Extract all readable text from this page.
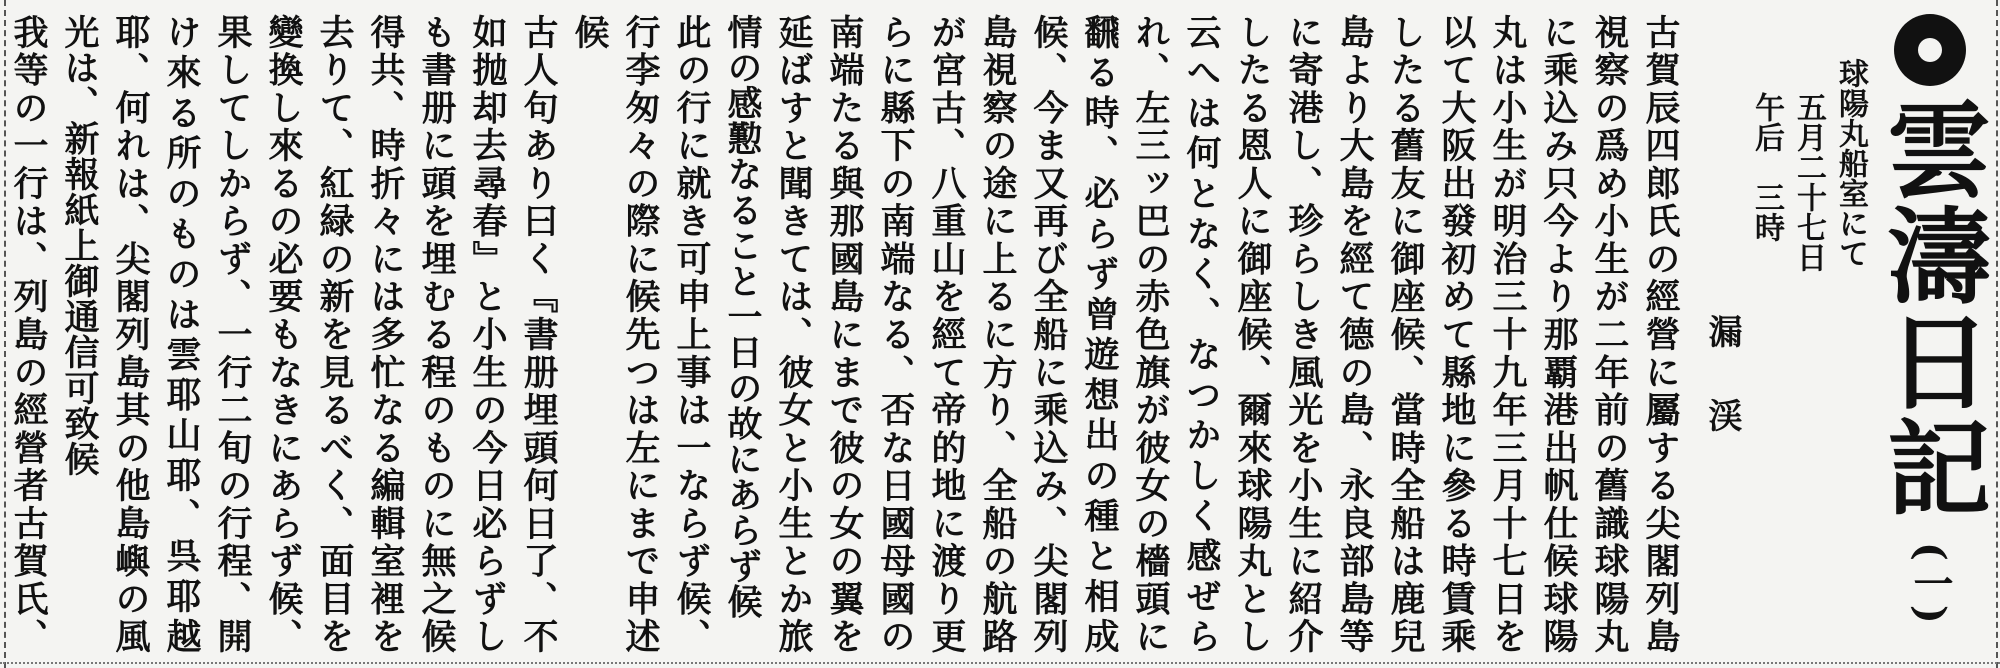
雲濤日記
(一)
球陽丸船室にて
五月二十七日
午后　三時
漏渓

古賀辰四郎氏の經營に屬する尖閣列島視察の爲め小生が二年前の舊識球陽丸に乘込み只今より那覇港出帆仕候球陽丸は小生が明治三十九年三月十七日を以て大阪出發初めて縣地に參る時賃乘したる舊友に御座候、當時全船は鹿兒島より大島を經て德の島、永良部島等に寄港し、珍らしき風光を小生に紹介したる恩人に御座候、爾來球陽丸とし云へは何となく、なつかしく感ぜられ、左三ッ巴の赤色旗が彼女の檣頭に飜る時、必らず曾遊想出の種と相成候、今ま又再び全船に乘込み、尖閣列島視察の途に上るに方り、全船の航路が宮古、八重山を經て帝的地に渡り更らに縣下の南端なる、否な日國母國の南端たる與那國島にまで彼の女の翼を延ばすと聞きては、彼女と小生とか旅情の感懃なること一日の故にあらず候

此の行に就き可申上事は一ならず候、行李匆々の際に候先つは左にまで申述候

古人句あり曰く『書册埋頭何日了、不如抛却去尋春』と小生の今日必らずしも書册に頭を埋むる程のものに無之候得共、時折々には多忙なる編輯室裡を去りて、紅緑の新を見るべく、面目を變換し來るの必要もなきにあらず候、果してしからず、一行二旬の行程、開け來る所のものは雲耶山耶、呉耶越耶、何れは、尖閣列島其の他島嶼の風光は、新報紙上御通信可致候

我等の一行は、列島の經營者古賀氏、
